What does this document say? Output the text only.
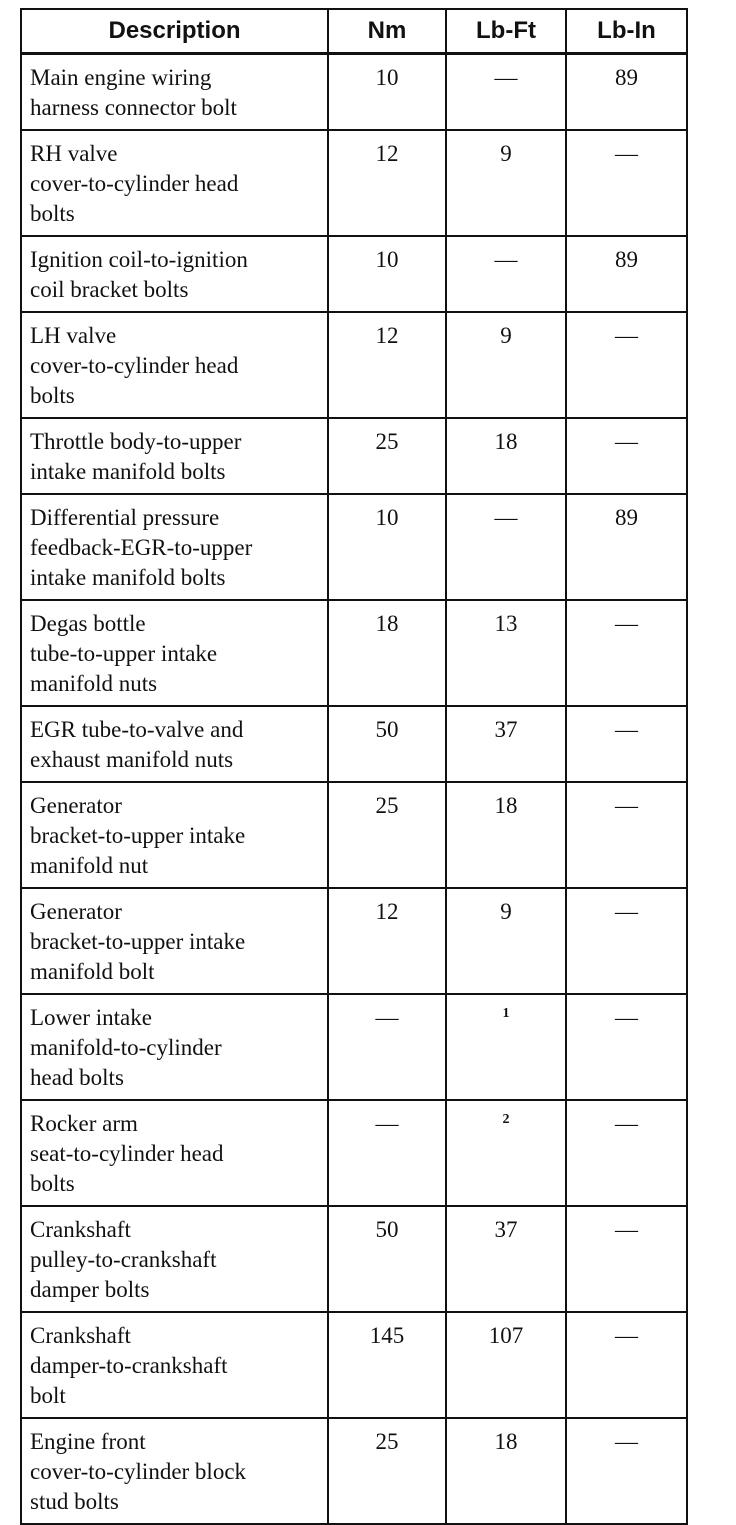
Description	Nm	Lb-Ft	Lb-In
Main engine wiring
harness connector bolt	10	—	89
RH valve
cover-to-cylinder head
bolts	12	9	—
Ignition coil-to-ignition
coil bracket bolts	10	—	89
LH valve
cover-to-cylinder head
bolts	12	9	—
Throttle body-to-upper
intake manifold bolts	25	18	—
Differential pressure
feedback-EGR-to-upper
intake manifold bolts	10	—	89
Degas bottle
tube-to-upper intake
manifold nuts	18	13	—
EGR tube-to-valve and
exhaust manifold nuts	50	37	—
Generator
bracket-to-upper intake
manifold nut	25	18	—
Generator
bracket-to-upper intake
manifold bolt	12	9	—
Lower intake
manifold-to-cylinder
head bolts	—	1	—
Rocker arm
seat-to-cylinder head
bolts	—	2	—
Crankshaft
pulley-to-crankshaft
damper bolts	50	37	—
Crankshaft
damper-to-crankshaft
bolt	145	107	—
Engine front
cover-to-cylinder block
stud bolts	25	18	—
